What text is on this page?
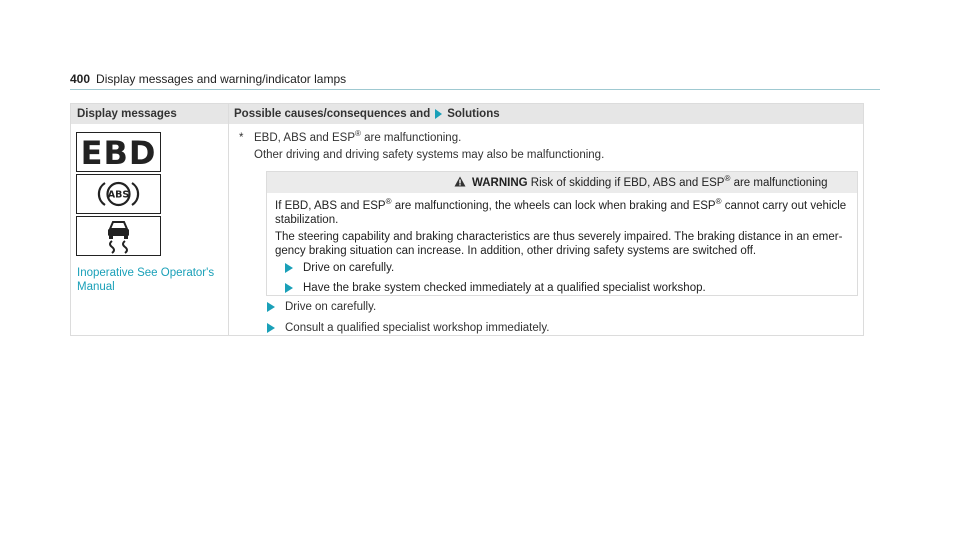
400 Display messages and warning/indicator lamps
Display messages	Possible causes/consequences and Solutions
EBD
ABS
Inoperative See Operator's Manual
* EBD, ABS and ESP® are malfunctioning.
Other driving and driving safety systems may also be malfunctioning.
Drive on carefully.
Consult a qualified specialist workshop immediately.
WARNING Risk of skidding if EBD, ABS and ESP® are malfunctioning
If EBD, ABS and ESP® are malfunctioning, the wheels can lock when braking and ESP® cannot carry out vehicle
stabilization.
The steering capability and braking characteristics are thus severely impaired. The braking distance in an emer-
gency braking situation can increase. In addition, other driving safety systems are switched off.
Drive on carefully.
Have the brake system checked immediately at a qualified specialist workshop.
